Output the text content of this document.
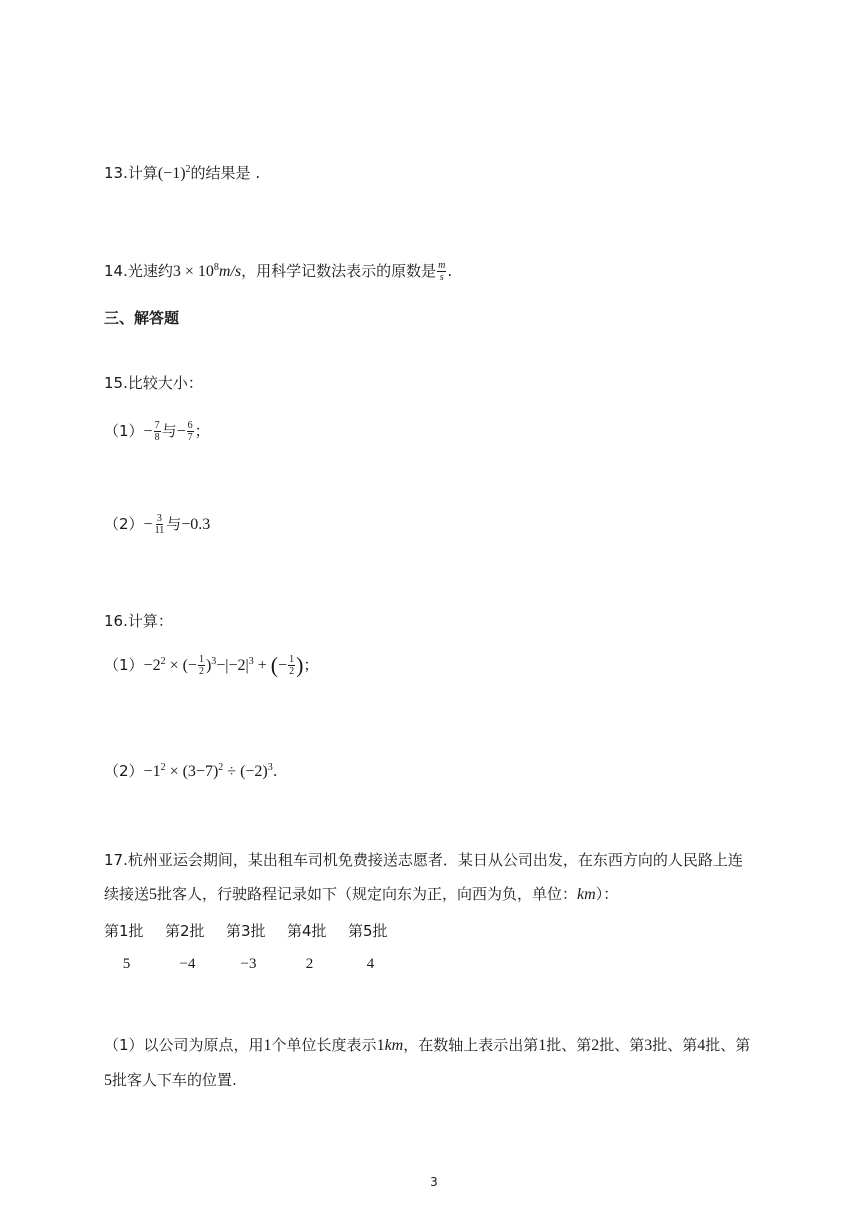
13.计算$(-1)^2$的结果是 .
14.光速约$3 \times 10^8m/s$，用科学记数法表示的原数是 $\frac{m}{s}$ .
三、解答题
15.比较大小：
$(1)- \frac{7}{8}$ 与− $\frac{6}{7}$ ；
$(2)- \frac{3}{11}$ 与−0.3
16.计算：
$(1)-2^2$ × (− $\frac{1}{2} )^3-|-2|^3$ + (− $\frac{1}{2}$ )；
$(2)-1^2 \times (3-7)^2 \div (-2)^3$.
17.杭州亚运会期间，某出租车司机免费接送志愿者．某日从公司出发，在东西方向的人民路上连
续接送5批客人，行驶路程记录如下（规定向东为正，向西为负，单位：km）：
第1批	第2批	第3批	第4批	第5批
5	−4	−3	2	4
（1）以公司为原点，用1个单位长度表示1km，在数轴上表示出第1批、第2批、第3批、第4批、第
5批客人下车的位置.
3
